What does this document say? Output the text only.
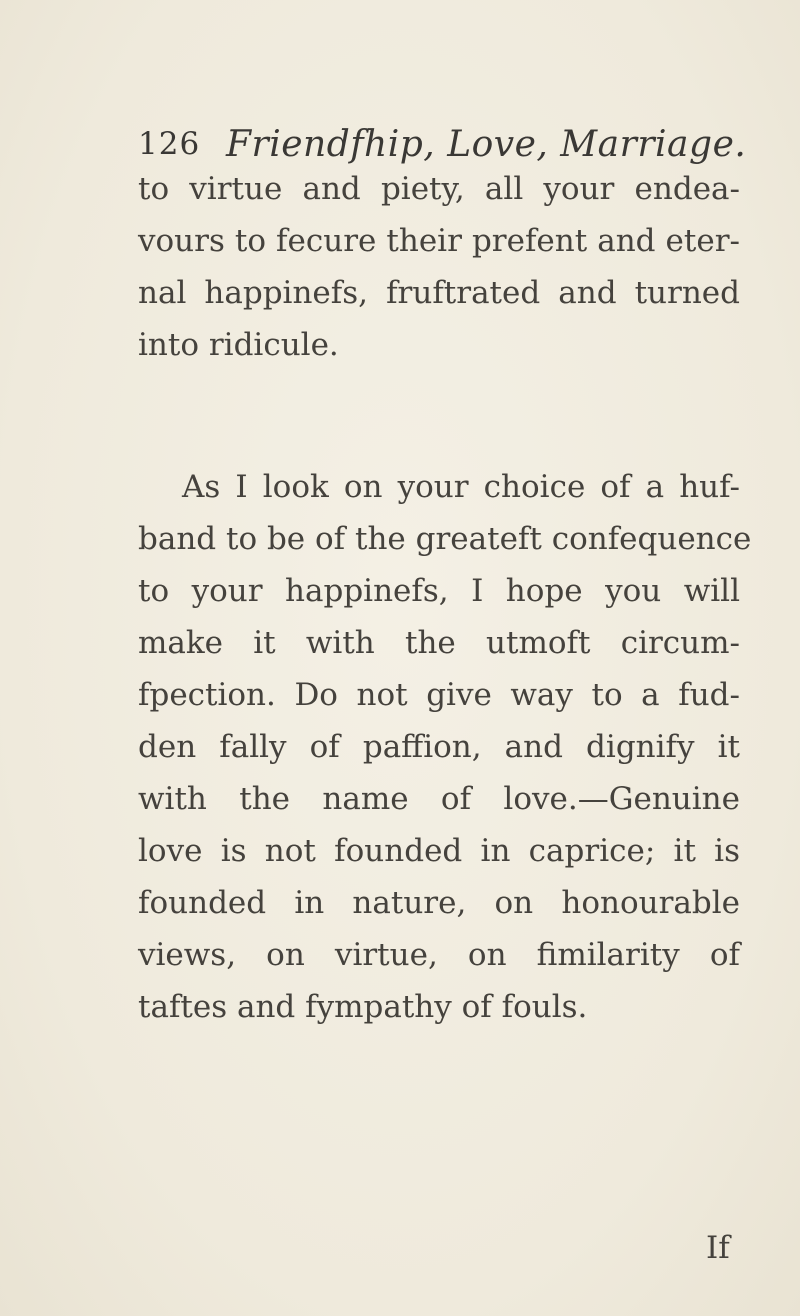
126 Friendfhip, Love, Marriage.
to virtue and piety, all your endea-
vours to fecure their prefent and eter-
nal happinefs, fruftrated and turned
into ridicule.
As I look on your choice of a huf-
band to be of the greateft confequence
to your happinefs, I hope you will
make it with the utmoft circum-
fpection. Do not give way to a fud-
den fally of paffion, and dignify it
with the name of love.—Genuine
love is not founded in caprice; it is
founded in nature, on honourable
views, on virtue, on fimilarity of
taftes and fympathy of fouls.
If
